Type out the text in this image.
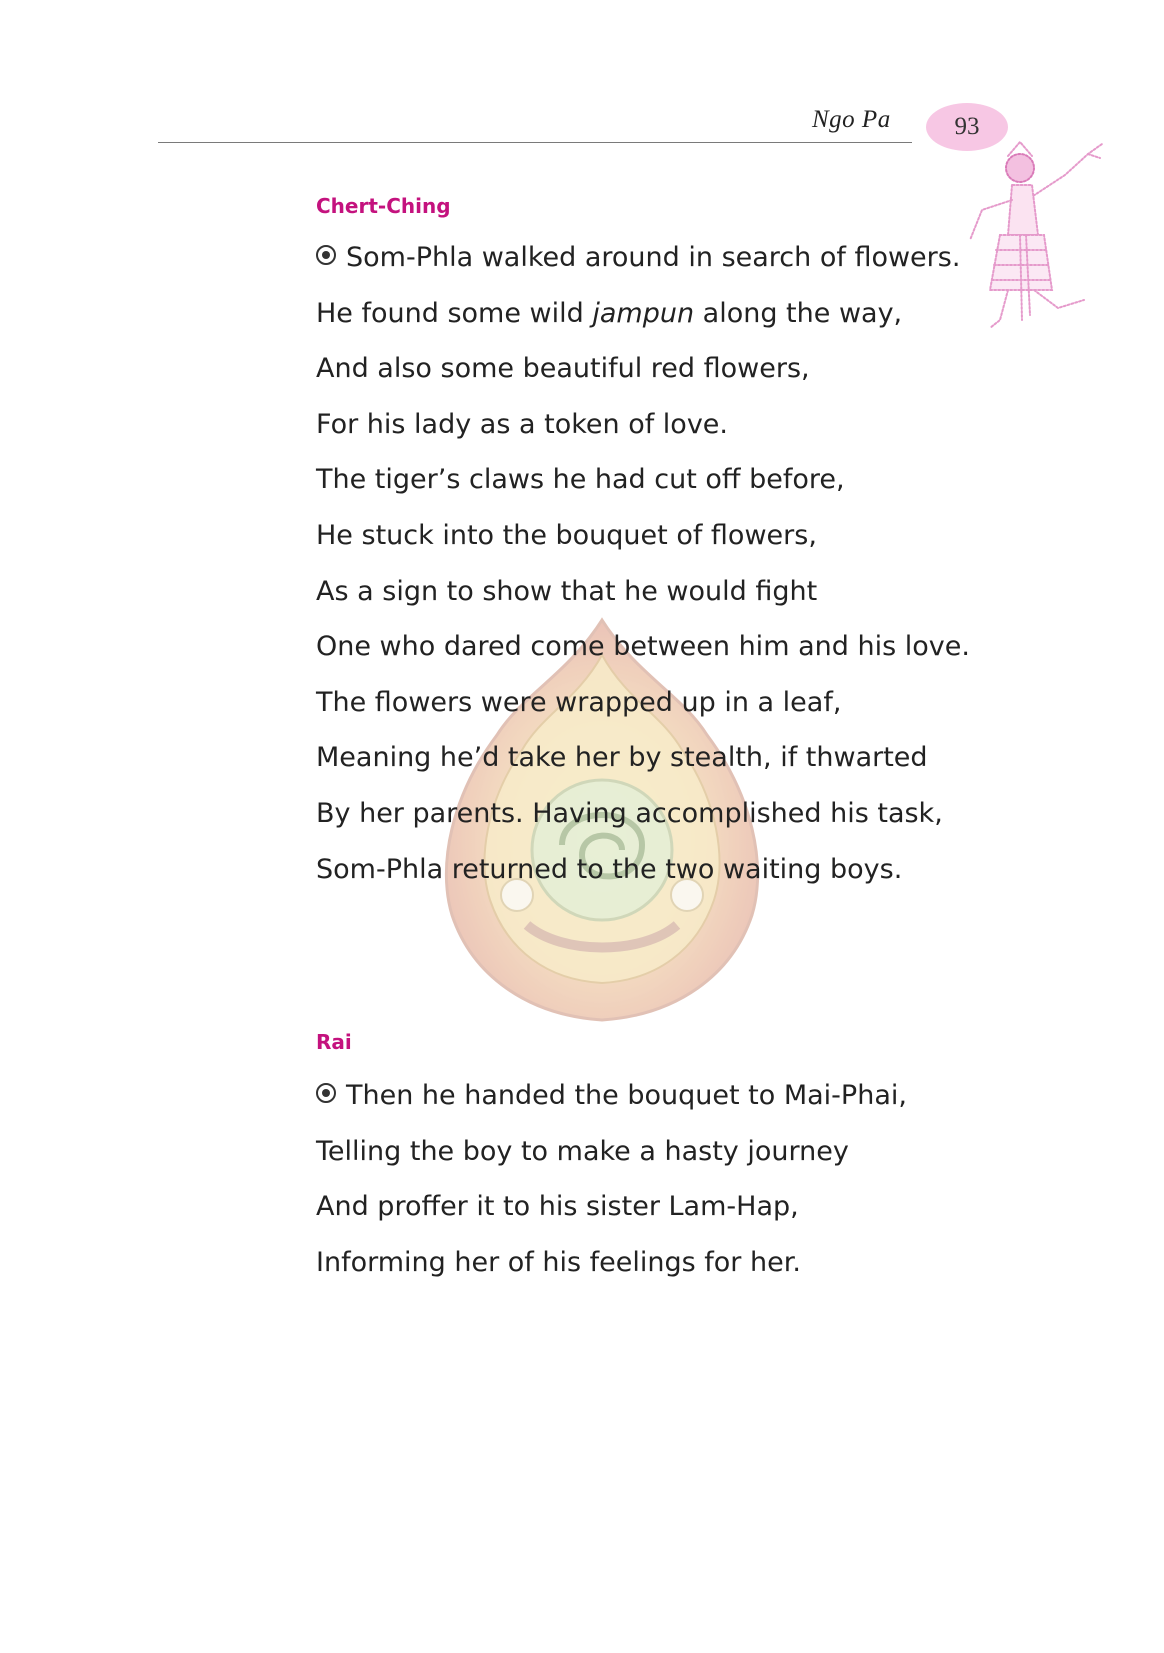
Ngo Pa	93
Chert-Ching
Som-Phla walked around in search of flowers.
He found some wild jampun along the way,
And also some beautiful red flowers,
For his lady as a token of love.
The tiger’s claws he had cut off before,
He stuck into the bouquet of flowers,
As a sign to show that he would fight
One who dared come between him and his love.
The flowers were wrapped up in a leaf,
Meaning he’d take her by stealth, if thwarted
By her parents. Having accomplished his task,
Som-Phla returned to the two waiting boys.
Rai
Then he handed the bouquet to Mai-Phai,
Telling the boy to make a hasty journey
And proffer it to his sister Lam-Hap,
Informing her of his feelings for her.
